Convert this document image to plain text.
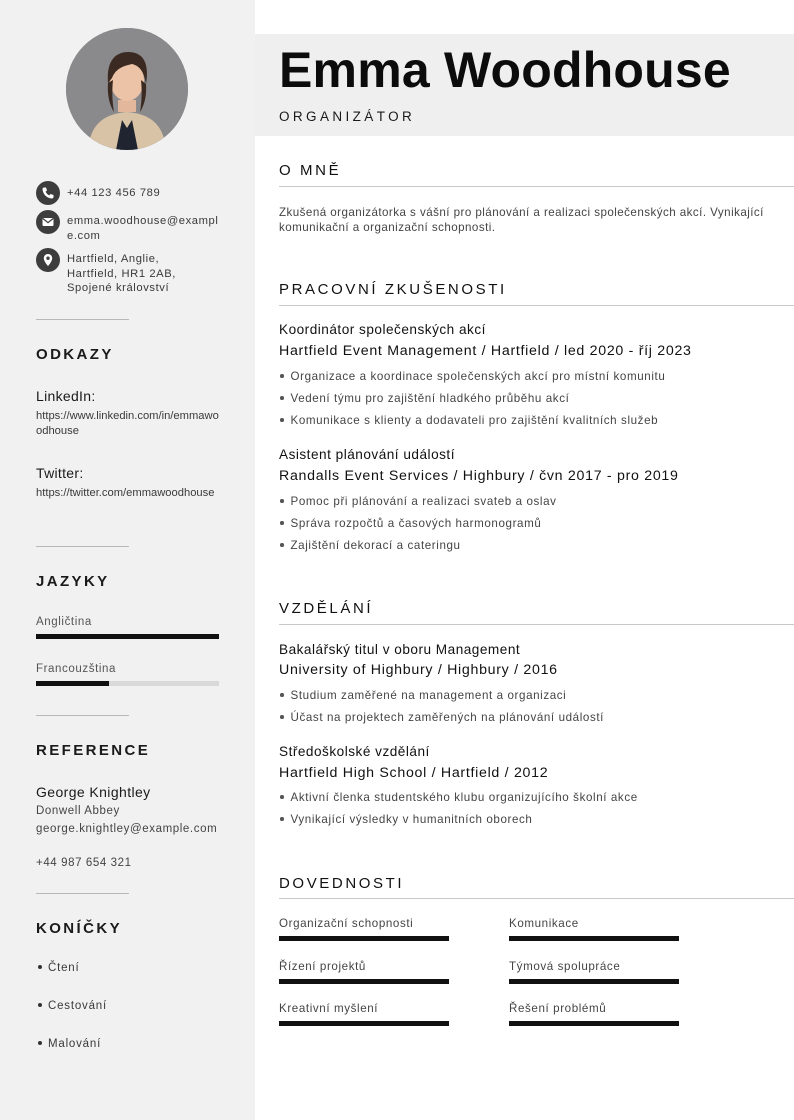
+44 123 456 789
emma.woodhouse@example.com
Hartfield, Anglie,
Hartfield, HR1 2AB,
Spojené království
ODKAZY
LinkedIn:
https://www.linkedin.com/in/emmawoodhouse
Twitter:
https://twitter.com/emmawoodhouse
JAZYKY
Angličtina
Francouzština
REFERENCE
George Knightley
Donwell Abbey
george.knightley@example.com
+44 987 654 321
KONÍČKY
Čtení
Cestování
Malování
Emma Woodhouse
ORGANIZÁTOR
O MNĚ
Zkušená organizátorka s vášní pro plánování a realizaci společenských akcí. Vynikající komunikační a organizační schopnosti.
PRACOVNÍ ZKUŠENOSTI
Koordinátor společenských akcí
Hartfield Event Management / Hartfield / led 2020 - říj 2023
Organizace a koordinace společenských akcí pro místní komunitu
Vedení týmu pro zajištění hladkého průběhu akcí
Komunikace s klienty a dodavateli pro zajištění kvalitních služeb
Asistent plánování událostí
Randalls Event Services / Highbury / čvn 2017 - pro 2019
Pomoc při plánování a realizaci svateb a oslav
Správa rozpočtů a časových harmonogramů
Zajištění dekorací a cateringu
VZDĚLÁNÍ
Bakalářský titul v oboru Management
University of Highbury / Highbury / 2016
Studium zaměřené na management a organizaci
Účast na projektech zaměřených na plánování událostí
Středoškolské vzdělání
Hartfield High School / Hartfield / 2012
Aktivní členka studentského klubu organizujícího školní akce
Vynikající výsledky v humanitních oborech
DOVEDNOSTI
Organizační schopnosti	Komunikace
Řízení projektů	Týmová spolupráce
Kreativní myšlení	Řešení problémů
